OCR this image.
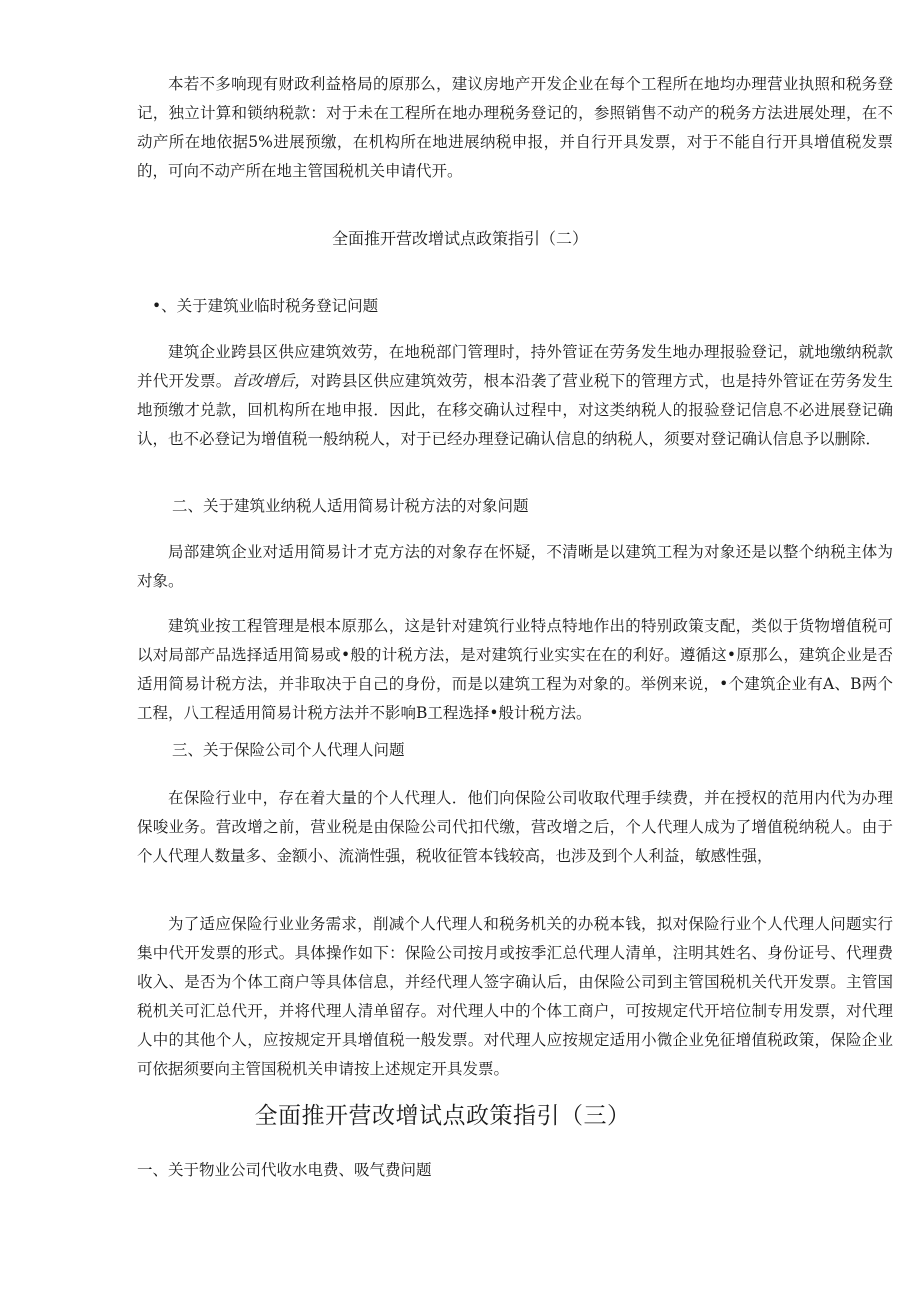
本若不多响现有财政利益格局的原那么，建议房地产开发企业在每个工程所在地均办理营业执照和税务登记，独立计算和锁纳税款：对于未在工程所在地办理税务登记的，参照销售不动产的税务方法进展处理，在不动产所在地依据5%进展预缴，在机构所在地进展纳税申报，并自行开具发票，对于不能自行开具增值税发票的，可向不动产所在地主管国税机关申请代开。

全面推开营改增试点政策指引（二）

•、关于建筑业临时税务登记问题

建筑企业跨县区供应建筑效劳，在地税部门管理时，持外管证在劳务发生地办理报验登记，就地缴纳税款并代开发票。首改增后，对跨县区供应建筑效劳，根本沿袭了营业税下的管理方式，也是持外管证在劳务发生地预缴才兑款，回机构所在地申报．因此，在移交确认过程中，对这类纳税人的报验登记信息不必进展登记确认，也不必登记为增值税一般纳税人，对于已经办理登记确认信息的纳税人，须要对登记确认信息予以删除．

二、关于建筑业纳税人适用简易计税方法的对象问题

局部建筑企业对适用简易计才克方法的对象存在怀疑，不清晰是以建筑工程为对象还是以整个纳税主体为对象。

建筑业按工程管理是根本原那么，这是针对建筑行业特点特地作出的特别政策支配，类似于货物增值税可以对局部产品选择适用简易或•般的计税方法，是对建筑行业实实在在的利好。遵循这•原那么，建筑企业是否适用简易计税方法，并非取决于自己的身份，而是以建筑工程为对象的。举例来说，•个建筑企业有A、B两个工程，八工程适用简易计税方法并不影响B工程选择•般计税方法。

三、关于保险公司个人代理人问题

在保险行业中，存在着大量的个人代理人．他们向保险公司收取代理手续费，并在授权的范用内代为办理保唆业务。营改增之前，营业税是由保险公司代扣代缴，营改增之后，个人代理人成为了增值税纳税人。由于个人代理人数量多、金额小、流淌性强，税收征管本钱较高，也涉及到个人利益，敏感性强，

为了适应保险行业业务需求，削减个人代理人和税务机关的办税本钱，拟对保险行业个人代理人问题实行集中代开发票的形式。具体操作如下：保险公司按月或按季汇总代理人清单，注明其姓名、身份证号、代理费收入、是否为个体工商户等具体信息，并经代理人签字确认后，由保险公司到主管国税机关代开发票。主管国税机关可汇总代开，并将代理人清单留存。对代理人中的个体工商户，可按规定代开培位制专用发票，对代理人中的其他个人，应按规定开具增值税一般发票。对代理人应按规定适用小微企业免征增值税政策，保险企业可依据须要向主管国税机关申请按上述规定开具发票。

全面推开营改增试点政策指引（三）

一、关于物业公司代收水电费、吸气费问题
